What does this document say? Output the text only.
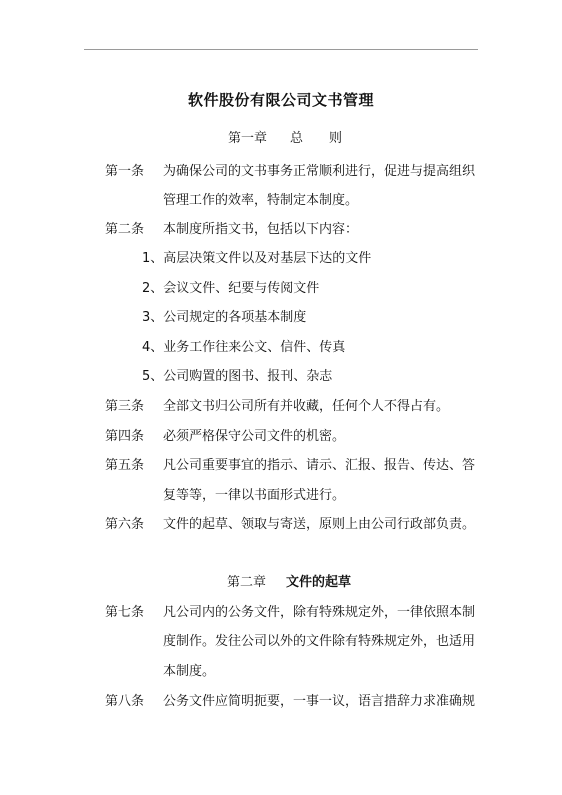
软件股份有限公司文书管理
第一章 总　　则
第一条 为确保公司的文书事务正常顺利进行，促进与提高组织
管理工作的效率，特制定本制度。
第二条 本制度所指文书，包括以下内容：
1、高层决策文件以及对基层下达的文件
2、会议文件、纪要与传阅文件
3、公司规定的各项基本制度
4、业务工作往来公文、信件、传真
5、公司购置的图书、报刊、杂志
第三条 全部文书归公司所有并收藏，任何个人不得占有。
第四条 必须严格保守公司文件的机密。
第五条 凡公司重要事宜的指示、请示、汇报、报告、传达、答
复等等，一律以书面形式进行。
第六条 文件的起草、领取与寄送，原则上由公司行政部负责。
第二章 文件的起草
第七条 凡公司内的公务文件，除有特殊规定外，一律依照本制
度制作。发往公司以外的文件除有特殊规定外，也适用
本制度。
第八条 公务文件应简明扼要，一事一议，语言措辞力求准确规
